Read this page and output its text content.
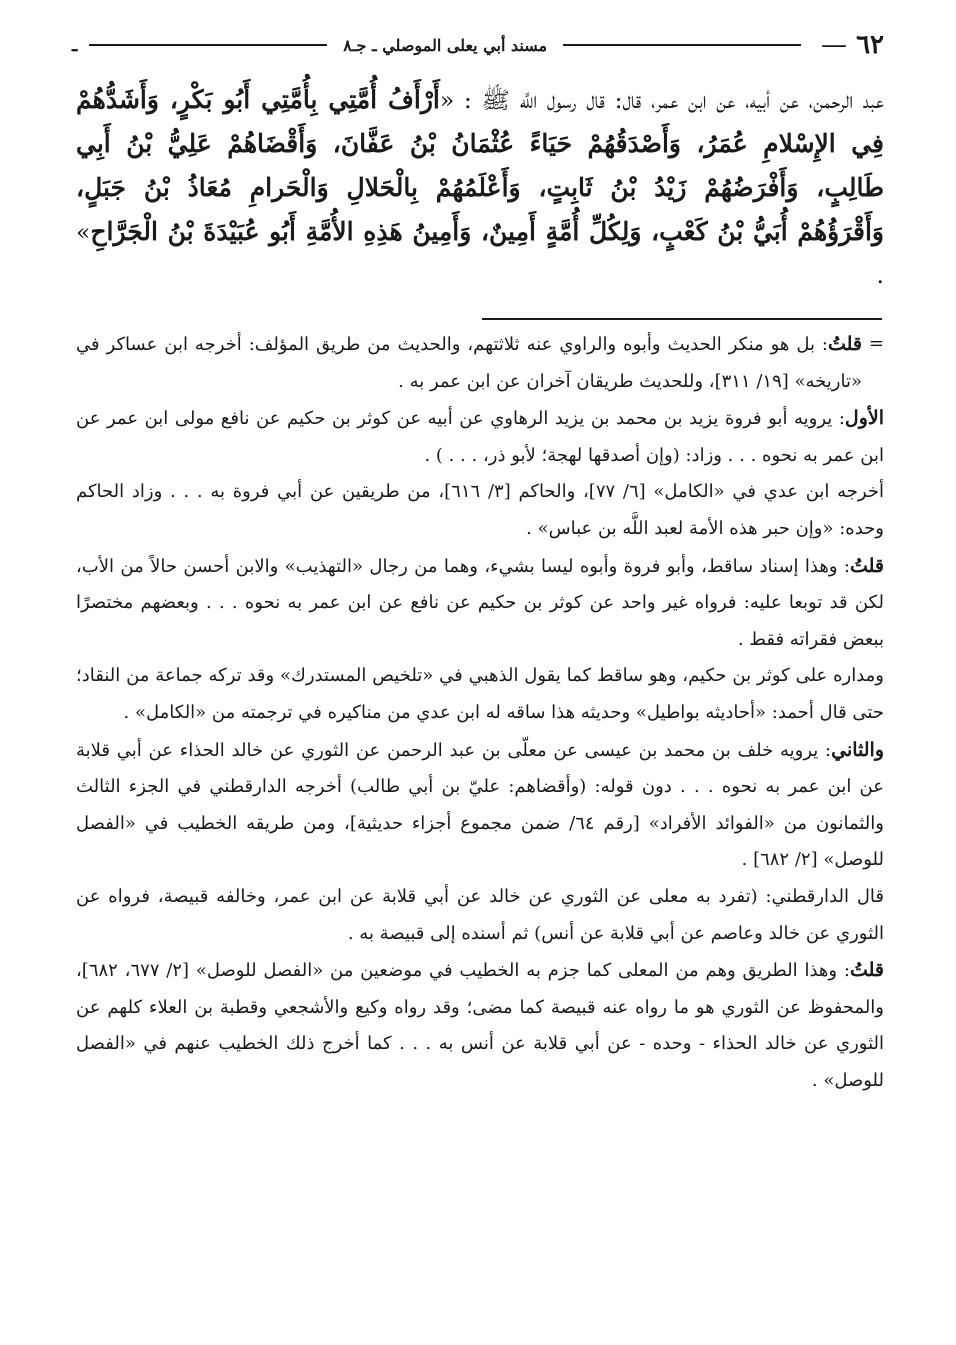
٦٢ —
مسند أبي يعلى الموصلي ـ جـ٨
ـ
عبد الرحمن، عن أبيه، عن ابن عمر، قال: قال رسول اللَّه ﷺ : «أَرْأَفُ أُمَّتِي بِأُمَّتِي أَبُو بَكْرٍ، وَأَشَدُّهُمْ فِي الإِسْلامِ عُمَرُ، وَأَصْدَقُهُمْ حَيَاءً عُثْمَانُ بْنُ عَفَّانَ، وَأَقْضَاهُمْ عَلِيُّ بْنُ أَبِي طَالِبٍ، وَأَفْرَضُهُمْ زَيْدُ بْنُ ثَابِتٍ، وَأَعْلَمُهُمْ بِالْحَلالِ وَالْحَرامِ مُعَاذُ بْنُ جَبَلٍ، وَأَقْرَؤُهُمْ أُبَيُّ بْنُ كَعْبٍ، وَلِكُلِّ أُمَّةٍ أَمِينٌ، وَأَمِينُ هَذِهِ الأُمَّةِ أَبُو عُبَيْدَةَ بْنُ الْجَرَّاحِ» .

=
قلتُ: بل هو منكر الحديث وأبوه والراوي عنه ثلاثتهم، والحديث من طريق المؤلف: أخرجه ابن عساكر في «تاريخه» [١٩/ ٣١١]، وللحديث طريقان آخران عن ابن عمر به .

الأول: يرويه أبو فروة يزيد بن محمد بن يزيد الرهاوي عن أبيه عن كوثر بن حكيم عن نافع مولى ابن عمر عن ابن عمر به نحوه . . . وزاد: (وإن أصدقها لهجة؛ لأبو ذر، . . . ) .

أخرجه ابن عدي في «الكامل» [٦/ ٧٧]، والحاكم [٣/ ٦١٦]، من طريقين عن أبي فروة به . . . وزاد الحاكم وحده: «وإن حبر هذه الأمة لعبد اللَّه بن عباس» .

قلتُ: وهذا إسناد ساقط، وأبو فروة وأبوه ليسا بشيء، وهما من رجال «التهذيب» والابن أحسن حالاً من الأب، لكن قد توبعا عليه: فرواه غير واحد عن كوثر بن حكيم عن نافع عن ابن عمر به نحوه . . . وبعضهم مختصرًا ببعض فقراته فقط .

ومداره على كوثر بن حكيم، وهو ساقط كما يقول الذهبي في «تلخيص المستدرك» وقد تركه جماعة من النقاد؛ حتى قال أحمد: «أحاديثه بواطيل» وحديثه هذا ساقه له ابن عدي من مناكيره في ترجمته من «الكامل» .

والثاني: يرويه خلف بن محمد بن عيسى عن معلّى بن عبد الرحمن عن الثوري عن خالد الحذاء عن أبي قلابة عن ابن عمر به نحوه . . . دون قوله: (وأقضاهم: عليّ بن أبي طالب) أخرجه الدارقطني في الجزء الثالث والثمانون من «الفوائد الأفراد» [رقم ٦٤/ ضمن مجموع أجزاء حديثية]، ومن طريقه الخطيب في «الفصل للوصل» [٢/ ٦٨٢] .

قال الدارقطني: (تفرد به معلى عن الثوري عن خالد عن أبي قلابة عن ابن عمر، وخالفه قبيصة، فرواه عن الثوري عن خالد وعاصم عن أبي قلابة عن أنس) ثم أسنده إلى قبيصة به .

قلتُ: وهذا الطريق وهم من المعلى كما جزم به الخطيب في موضعين من «الفصل للوصل» [٢/ ٦٧٧، ٦٨٢]، والمحفوظ عن الثوري هو ما رواه عنه قبيصة كما مضى؛ وقد رواه وكيع والأشجعي وقطبة بن العلاء كلهم عن الثوري عن خالد الحذاء - وحده - عن أبي قلابة عن أنس به . . . كما أخرج ذلك الخطيب عنهم في «الفصل للوصل» .
